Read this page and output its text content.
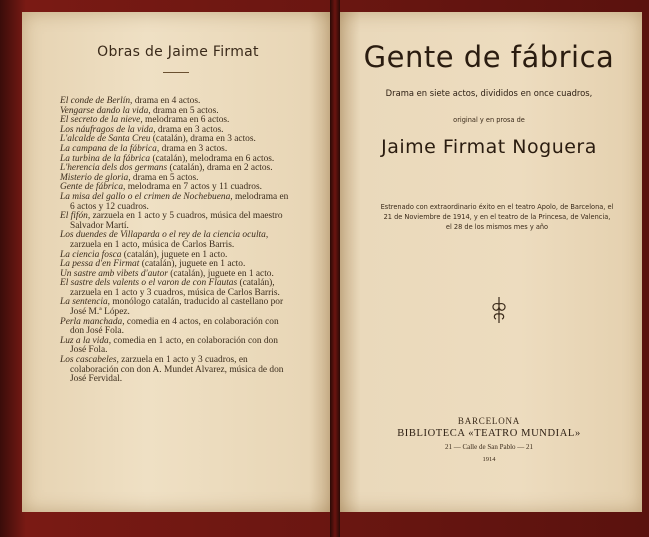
Obras de Jaime Firmat
El conde de Berlín, drama en 4 actos.
Vengarse dando la vida, drama en 5 actos.
El secreto de la nieve, melodrama en 6 actos.
Los náufragos de la vida, drama en 3 actos.
L'alcalde de Santa Creu (catalán), drama en 3 actos.
La campana de la fábrica, drama en 3 actos.
La turbina de la fábrica (catalán), melodrama en 6 actos.
L'herencia dels dos germans (catalán), drama en 2 actos.
Misterio de gloria, drama en 5 actos.
Gente de fábrica, melodrama en 7 actos y 11 cuadros.
La misa del gallo o el crimen de Nochebuena, melodrama en 6 actos y 12 cuadros.
El fifón, zarzuela en 1 acto y 5 cuadros, música del maestro Salvador Martí.
Los duendes de Villaparda o el rey de la ciencia oculta, zarzuela en 1 acto, música de Carlos Barris.
La ciencia fosca (catalán), juguete en 1 acto.
La pessa d'en Firmat (catalán), juguete en 1 acto.
Un sastre amb vibets d'autor (catalán), juguete en 1 acto.
El sastre dels valents o el varon de con Flautas (catalán), zarzuela en 1 acto y 3 cuadros, música de Carlos Barris.
La sentencia, monólogo catalán, traducido al castellano por José M.ª López.
Perla manchada, comedia en 4 actos, en colaboración con don José Fola.
Luz a la vida, comedia en 1 acto, en colaboración con don José Fola.
Los cascabeles, zarzuela en 1 acto y 3 cuadros, en colaboración con don A. Mundet Alvarez, música de don José Fervidal.
Gente de fábrica
Drama en siete actos, divididos en once cuadros,
original y en prosa de
Jaime Firmat Noguera
Estrenado con extraordinario éxito en el teatro Apolo, de Barcelona, el 21 de Noviembre de 1914, y en el teatro de la Princesa, de Valencia, el 28 de los mismos mes y año
BARCELONA
BIBLIOTECA «TEATRO MUNDIAL»
21 — Calle de San Pablo — 21
1914
